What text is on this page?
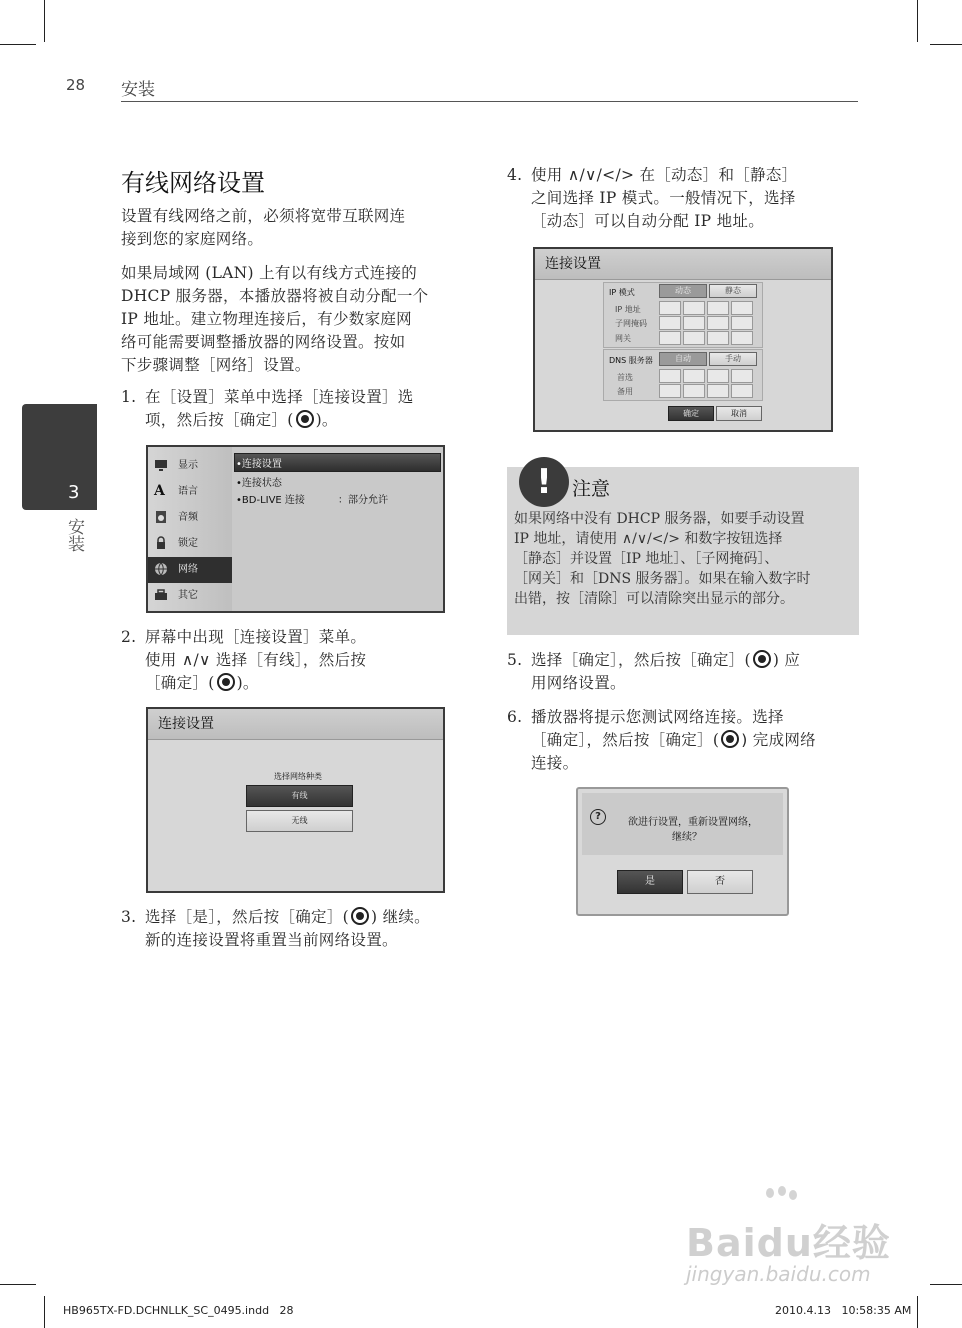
28 安装
3
安装
有线网络设置
设置有线网络之前，必须将宽带互联网连
接到您的家庭网络。
如果局域网 (LAN) 上有以有线方式连接的
DHCP 服务器，本播放器将被自动分配一个
IP 地址。建立物理连接后，有少数家庭网
络可能需要调整播放器的网络设置。按如
下步骤调整［网络］设置。
1. 在［设置］菜单中选择［连接设置］选
项，然后按［确定］( )。
显示
A	语言
音频
锁定
网络
其它
•连接设置
•连接状态
•BD-LIVE 连接	：部分允许
2. 屏幕中出现［连接设置］菜单。
使用 ∧/∨ 选择［有线］，然后按
［确定］( )。
连接设置
选择网络种类
有线
无线
3. 选择［是］，然后按［确定］( ) 继续。
新的连接设置将重置当前网络设置。
4. 使用 ∧/∨/</> 在［动态］和［静态］
之间选择 IP 模式。一般情况下，选择
［动态］可以自动分配 IP 地址。
连接设置
IP 模式	动态	静态
IP 地址
子网掩码
网关
DNS 服务器	自动	手动
首选
备用
确定	取消
!	注意
如果网络中没有 DHCP 服务器，如要手动设置
IP 地址，请使用 ∧/∨/</> 和数字按钮选择
［静态］并设置［IP 地址］、［子网掩码］、
［网关］和［DNS 服务器］。如果在输入数字时
出错，按［清除］可以清除突出显示的部分。
5. 选择［确定］，然后按［确定］( ) 应
用网络设置。
6. 播放器将提示您测试网络连接。选择
［确定］，然后按［确定］( ) 完成网络
连接。
?
欲进行设置，重新设置网络，
继续？
是	否
Baidu经验
jingyan.baidu.com
HB965TX-FD.DCHNLLK_SC_0495.indd   28	2010.4.13   10:58:35 AM
